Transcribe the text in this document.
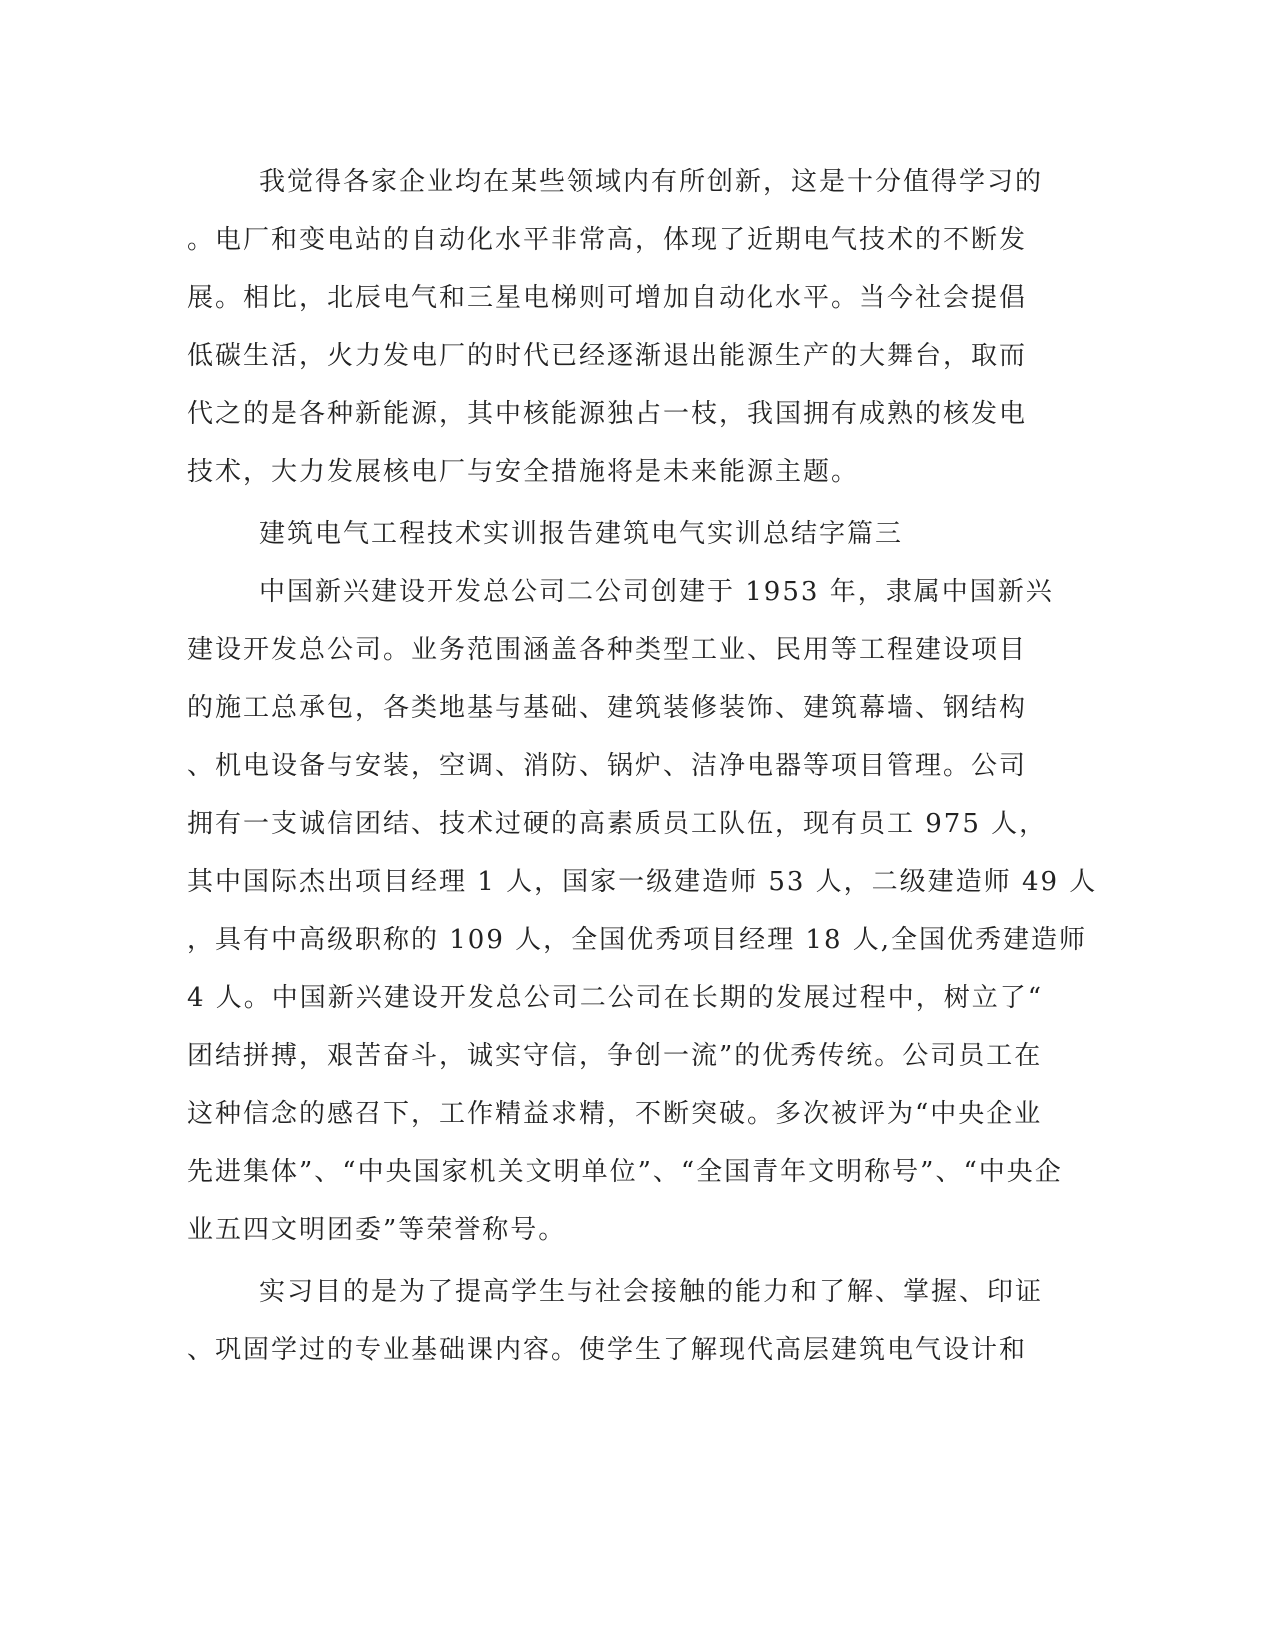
我觉得各家企业均在某些领域内有所创新，这是十分值得学习的
。电厂和变电站的自动化水平非常高，体现了近期电气技术的不断发
展。相比，北辰电气和三星电梯则可增加自动化水平。当今社会提倡
低碳生活，火力发电厂的时代已经逐渐退出能源生产的大舞台，取而
代之的是各种新能源，其中核能源独占一枝，我国拥有成熟的核发电
技术，大力发展核电厂与安全措施将是未来能源主题。
建筑电气工程技术实训报告建筑电气实训总结字篇三
中国新兴建设开发总公司二公司创建于 1953 年，隶属中国新兴
建设开发总公司。业务范围涵盖各种类型工业、民用等工程建设项目
的施工总承包，各类地基与基础、建筑装修装饰、建筑幕墙、钢结构
、机电设备与安装，空调、消防、锅炉、洁净电器等项目管理。公司
拥有一支诚信团结、技术过硬的高素质员工队伍，现有员工 975 人，
其中国际杰出项目经理 1 人，国家一级建造师 53 人，二级建造师 49 人
，具有中高级职称的 109 人，全国优秀项目经理 18 人,全国优秀建造师
4 人。中国新兴建设开发总公司二公司在长期的发展过程中，树立了“
团结拼搏，艰苦奋斗，诚实守信，争创一流”的优秀传统。公司员工在
这种信念的感召下，工作精益求精，不断突破。多次被评为“中央企业
先进集体”、“中央国家机关文明单位”、“全国青年文明称号”、“中央企
业五四文明团委”等荣誉称号。
实习目的是为了提高学生与社会接触的能力和了解、掌握、印证
、巩固学过的专业基础课内容。使学生了解现代高层建筑电气设计和
